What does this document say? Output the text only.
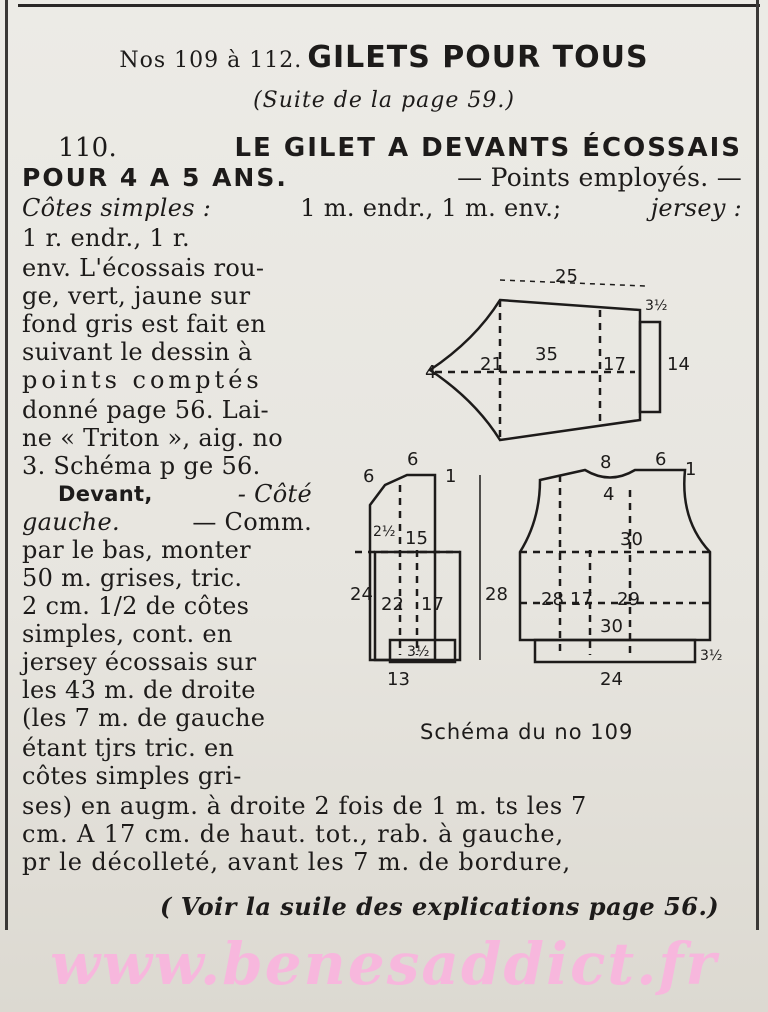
Nos 109 à 112. GILETS POUR TOUS
(Suite de la page 59.)
110.	LE GILET A DEVANTS ÉCOSSAIS
POUR 4 A 5 ANS.	— Points employés. —
Côtes simples :	1 m. endr., 1 m. env.;	jersey :
1 r. endr., 1 r.
env. L'écossais rou-
ge, vert, jaune sur
fond gris est fait en
suivant le dessin à
points comptés
donné page 56. Lai-
ne « Triton », aig. no
3. Schéma p ge 56.
Devant,	- Côté
gauche.	— Comm.
par le bas, monter
50 m. grises, tric.
2 cm. 1/2 de côtes
simples, cont. en
jersey écossais sur
les 43 m. de droite
(les 7 m. de gauche
étant tjrs tric. en
côtes simples gri-
ses) en augm. à droite 2 fois de 1 m. ts les 7
cm. A 17 cm. de haut. tot., rab. à gauche,
pr le décolleté, avant les 7 m. de bordure,
25
3½
4 21 35	17 14
6
6	1
2½ 15
22 17
3½
24	28
13
8 6 1
4
30
28 17 29
30
24
3½
Schéma du no 109
( Voir la suile des explications page 56.)
www.benesaddict.fr
